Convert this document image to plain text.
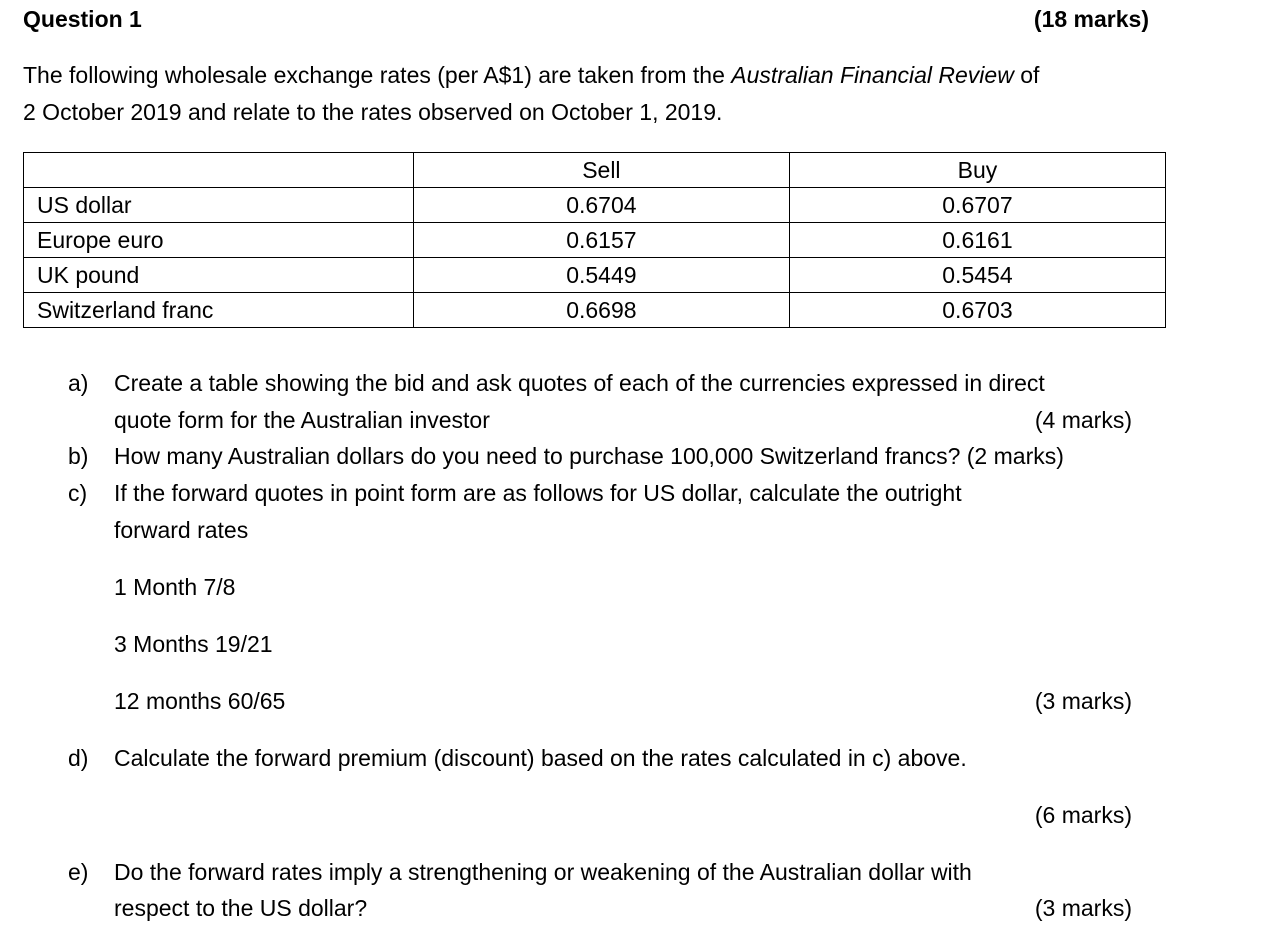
Question 1	(18 marks)
The following wholesale exchange rates (per A$1) are taken from the Australian Financial Review of
2 October 2019 and relate to the rates observed on October 1, 2019.
	Sell	Buy
US dollar	0.6704	0.6707
Europe euro	0.6157	0.6161
UK pound	0.5449	0.5454
Switzerland franc	0.6698	0.6703
a) Create a table showing the bid and ask quotes of each of the currencies expressed in direct
quote form for the Australian investor	(4 marks)
b) How many Australian dollars do you need to purchase 100,000 Switzerland francs? (2 marks)
c) If the forward quotes in point form are as follows for US dollar, calculate the outright
forward rates
1 Month 7/8
3 Months 19/21
12 months 60/65	(3 marks)
d) Calculate the forward premium (discount) based on the rates calculated in c) above.
(6 marks)
e) Do the forward rates imply a strengthening or weakening of the Australian dollar with
respect to the US dollar?	(3 marks)
